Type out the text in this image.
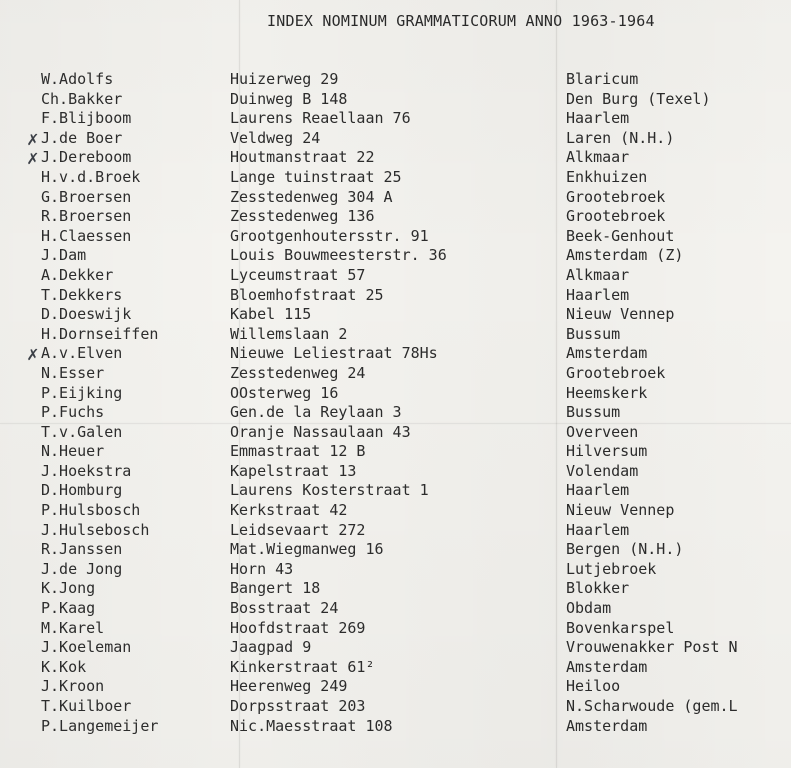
INDEX NOMINUM GRAMMATICORUM ANNO 1963-1964
W.Adolfs	Huizerweg 29	Blaricum
Ch.Bakker	Duinweg B 148	Den Burg (Texel)
F.Blijboom	Laurens Reaellaan 76	Haarlem
✗ J.de Boer	Veldweg 24	Laren (N.H.)
✗ J.Dereboom	Houtmanstraat 22	Alkmaar
H.v.d.Broek	Lange tuinstraat 25	Enkhuizen
G.Broersen	Zesstedenweg 304 A	Grootebroek
R.Broersen	Zesstedenweg 136	Grootebroek
H.Claessen	Grootgenhoutersstr. 91	Beek-Genhout
J.Dam	Louis Bouwmeesterstr. 36	Amsterdam (Z)
A.Dekker	Lyceumstraat 57	Alkmaar
T.Dekkers	Bloemhofstraat 25	Haarlem
D.Doeswijk	Kabel 115	Nieuw Vennep
H.Dornseiffen	Willemslaan 2	Bussum
✗ A.v.Elven	Nieuwe Leliestraat 78Hs	Amsterdam
N.Esser	Zesstedenweg 24	Grootebroek
P.Eijking	OOsterweg 16	Heemskerk
P.Fuchs	Gen.de la Reylaan 3	Bussum
T.v.Galen	Oranje Nassaulaan 43	Overveen
N.Heuer	Emmastraat 12 B	Hilversum
J.Hoekstra	Kapelstraat 13	Volendam
D.Homburg	Laurens Kosterstraat 1	Haarlem
P.Hulsbosch	Kerkstraat 42	Nieuw Vennep
J.Hulsebosch	Leidsevaart 272	Haarlem
R.Janssen	Mat.Wiegmanweg 16	Bergen (N.H.)
J.de Jong	Horn 43	Lutjebroek
K.Jong	Bangert 18	Blokker
P.Kaag	Bosstraat 24	Obdam
M.Karel	Hoofdstraat 269	Bovenkarspel
J.Koeleman	Jaagpad 9	Vrouwenakker Post N
K.Kok	Kinkerstraat 61²	Amsterdam
J.Kroon	Heerenweg 249	Heiloo
T.Kuilboer	Dorpsstraat 203	N.Scharwoude (gem.L
P.Langemeijer	Nic.Maesstraat 108	Amsterdam
